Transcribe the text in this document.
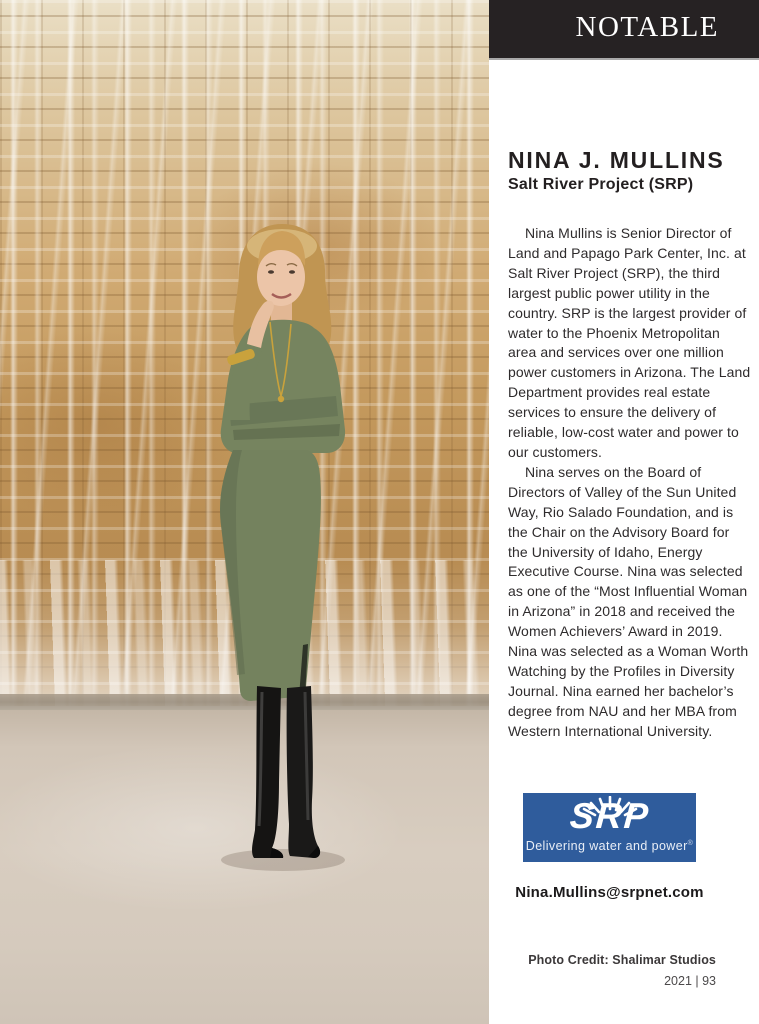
NOTABLE
NINA J. MULLINS
Salt River Project (SRP)

Nina Mullins is Senior Director of Land and Papago Park Center, Inc. at Salt River Project (SRP), the third largest public power utility in the country. SRP is the largest provider of water to the Phoenix Metropolitan area and services over one million power customers in Arizona. The Land Department provides real estate services to ensure the delivery of reliable, low-cost water and power to our customers.

Nina serves on the Board of Directors of Valley of the Sun United Way, Rio Salado Foundation, and is the Chair on the Advisory Board for the University of Idaho, Energy Executive Course. Nina was selected as one of the “Most Influential Woman in Arizona” in 2018 and received the Women Achievers’ Award in 2019. Nina was selected as a Woman Worth Watching by the Profiles in Diversity Journal. Nina earned her bachelor’s degree from NAU and her MBA from Western International University.

SRP
Delivering water and power®
Nina.Mullins@srpnet.com
Photo Credit: Shalimar Studios
2021 | 93
